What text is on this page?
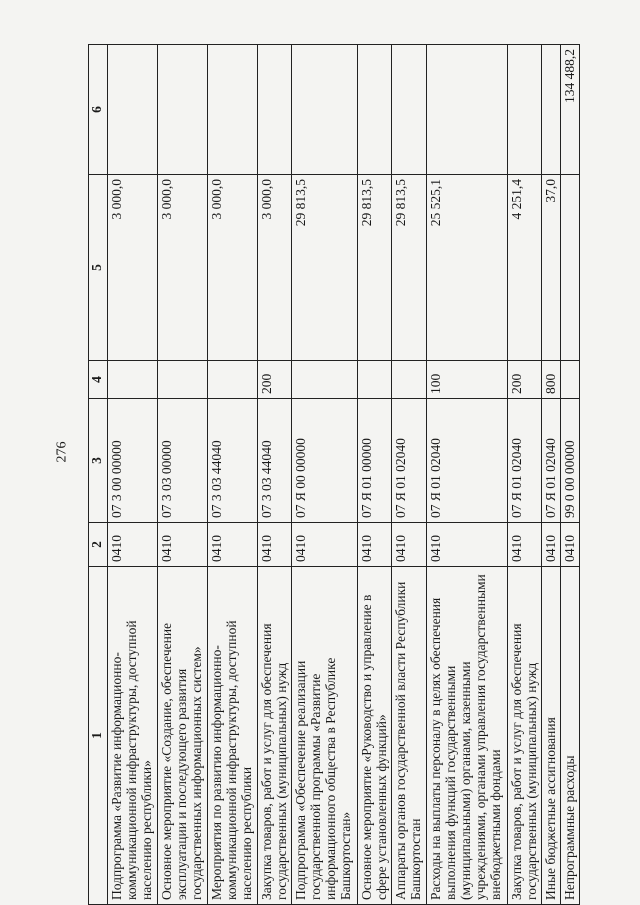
276
1	2	3	4	5	6
Подпрограмма «Развитие информационно-коммуникационной инфраструктуры, доступной населению республики»	0410	07 3 00 00000		3 000,0	
Основное мероприятие «Создание, обеспечение эксплуатации и последующего развития государственных информационных систем»	0410	07 3 03 00000		3 000,0	
Мероприятия по развитию информационно-коммуникационной инфраструктуры, доступной населению республики	0410	07 3 03 44040		3 000,0	
Закупка товаров, работ и услуг для обеспечения государственных (муниципальных) нужд	0410	07 3 03 44040	200	3 000,0	
Подпрограмма «Обеспечение реализации государственной программы «Развитие информационного общества в Республике Башкортостан»	0410	07 Я 00 00000		29 813,5	
Основное мероприятие «Руководство и управление в сфере установленных функций»	0410	07 Я 01 00000		29 813,5	
Аппараты органов государственной власти Республики Башкортостан	0410	07 Я 01 02040		29 813,5	
Расходы на выплаты персоналу в целях обеспечения выполнения функций государственными (муниципальными) органами, казенными учреждениями, органами управления государственными внебюджетными фондами	0410	07 Я 01 02040	100	25 525,1	
Закупка товаров, работ и услуг для обеспечения государственных (муниципальных) нужд	0410	07 Я 01 02040	200	4 251,4	
Иные бюджетные ассигнования	0410	07 Я 01 02040	800	37,0	
Непрограммные расходы	0410	99 0 00 00000			134 488,2
